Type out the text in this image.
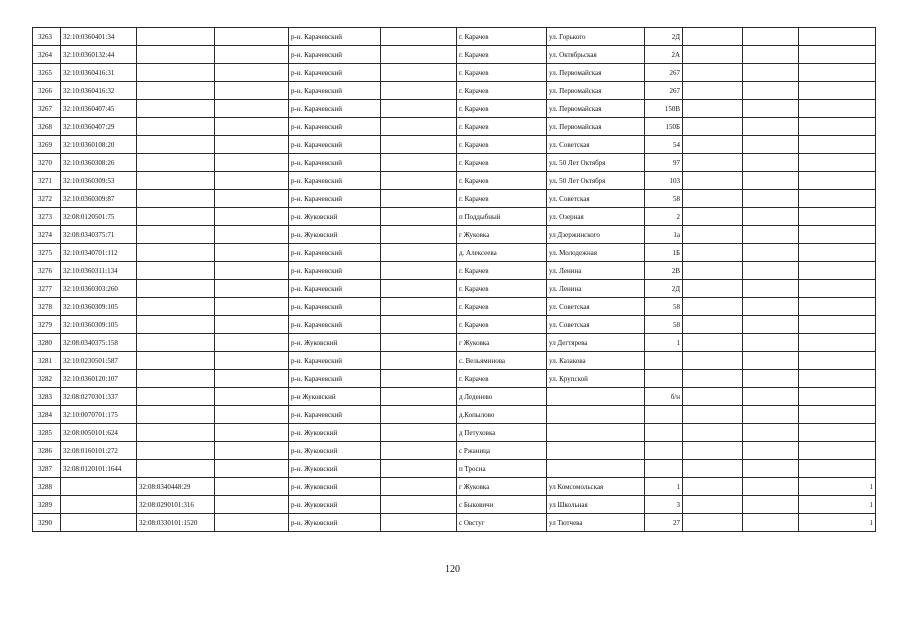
3263	32:10:0360401:34			р-н. Карачевский		г. Карачев	ул. Горького	2Д			
3264	32:10:0360132:44			р-н. Карачевский		г. Карачев	ул. Октябрьская	2А			
3265	32:10:0360416:31			р-н. Карачевский		г. Карачев	ул. Первомайская	267			
3266	32:10:0360416:32			р-н. Карачевский		г. Карачев	ул. Первомайская	267			
3267	32:10:0360407:45			р-н. Карачевский		г. Карачев	ул. Первомайская	150В			
3268	32:10:0360407:29			р-н. Карачевский		г. Карачев	ул. Первомайская	150Б			
3269	32:10:0360108:20			р-н. Карачевский		г. Карачев	ул. Советская	54			
3270	32:10:0360308:26			р-н. Карачевский		г. Карачев	ул. 50 Лет Октября	97			
3271	32:10:0360309:53			р-н. Карачевский		г. Карачев	ул. 50 Лет Октября	103			
3272	32:10:0360309:87			р-н. Карачевский		г. Карачев	ул. Советская	58			
3273	32:08:0120501:75			р-н. Жуковский		п Поддыбный	ул. Озерная	2			
3274	32:08:0340375:71			р-н. Жуковский		г Жуковка	ул Дзержинского	1а			
3275	32:10:0340701:112			р-н. Карачевский		д. Алексеева	ул. Молодежная	1Б			
3276	32:10:0360311:134			р-н. Карачевский		г. Карачев	ул. Ленина	2В			
3277	32:10:0360303:260			р-н. Карачевский		г. Карачев	ул. Ленина	2Д			
3278	32:10:0360309:105			р-н. Карачевский		г. Карачев	ул. Советская	58			
3279	32:10:0360309:105			р-н. Карачевский		г. Карачев	ул. Советская	58			
3280	32:08:0340375:158			р-н. Жуковский		г Жуковка	ул Дегтярева	1			
3281	32:10:0230501:587			р-н. Карачевский		с. Вельяминова	ул. Казакова				
3282	32:10:0360120:107			р-н. Карачевский		г. Карачев	ул. Крупской				
3283	32:08:0270301:337			р-н Жуковский		д Леденево		б/н			
3284	32:10:0070701:175			р-н. Карачевский		д.Копылово					
3285	32:08:0050101:624			р-н. Жуковский		д Петуховка					
3286	32:08:0160101:272			р-н. Жуковский		с Ржаница					
3287	32:08:0120101:1644			р-н. Жуковский		п Тросна					
3288		32:08:0340448:29		р-н. Жуковский		г Жуковка	ул Комсомольская	1			1
3289		32:08:0290101:316		р-н. Жуковский		с Быковичи	ул Школьная	3			1
3290		32:08:0330101:1520		р-н. Жуковский		с Овстуг	ул Тютчева	27			1
120
